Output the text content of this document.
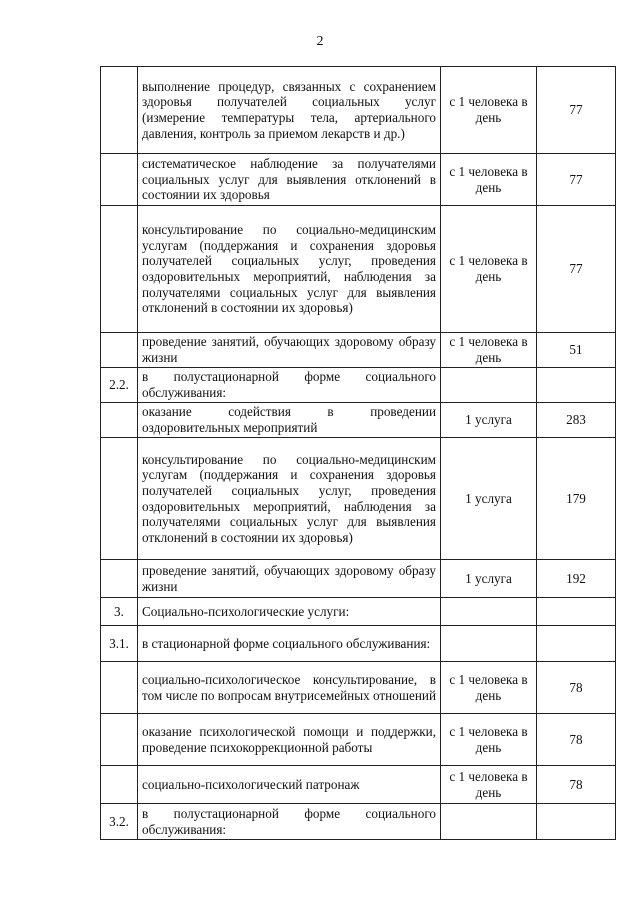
2
	выполнение процедур, связанных с сохранением здоровья получателей социальных услуг (измерение температуры тела, артериального давления, контроль за приемом лекарств и др.)	с 1 человека в день	77
	систематическое наблюдение за получателями социальных услуг для выявления отклонений в состоянии их здоровья	с 1 человека в день	77
	консультирование по социально-медицинским услугам (поддержания и сохранения здоровья получателей социальных услуг, проведения оздоровительных мероприятий, наблюдения за получателями социальных услуг для выявления отклонений в состоянии их здоровья)	с 1 человека в день	77
	проведение занятий, обучающих здоровому образу жизни	с 1 человека в день	51
2.2.	в полустационарной форме социального обслуживания:		
	оказание содействия в проведении оздоровительных мероприятий	1 услуга	283
	консультирование по социально-медицинским услугам (поддержания и сохранения здоровья получателей социальных услуг, проведения оздоровительных мероприятий, наблюдения за получателями социальных услуг для выявления отклонений в состоянии их здоровья)	1 услуга	179
	проведение занятий, обучающих здоровому образу жизни	1 услуга	192
3.	Социально-психологические услуги:		
3.1.	в стационарной форме социального обслуживания:		
	социально-психологическое консультирование, в том числе по вопросам внутрисемейных отношений	с 1 человека в день	78
	оказание психологической помощи и поддержки, проведение психокоррекционной работы	с 1 человека в день	78
	социально-психологический патронаж	с 1 человека в день	78
3.2.	в полустационарной форме социального обслуживания:		
